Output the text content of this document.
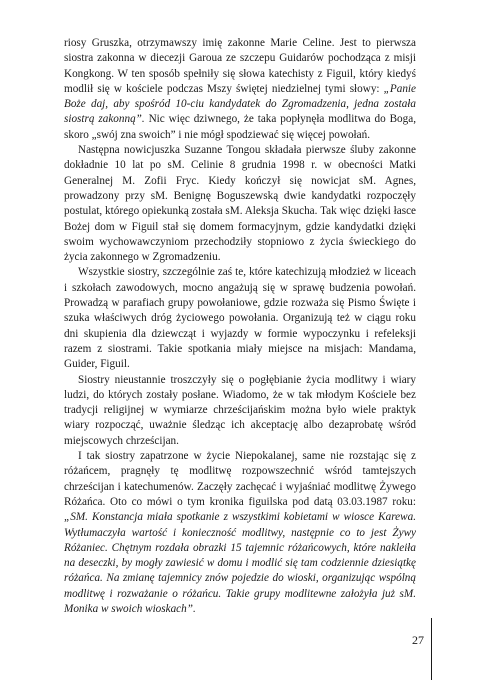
riosy Gruszka, otrzymawszy imię zakonne Marie Celine. Jest to pierwsza siostra zakonna w diecezji Garoua ze szczepu Guidarów pochodząca z misji Kongkong. W ten sposób spełniły się słowa katechisty z Figuil, który kiedyś modlił się w kościele podczas Mszy świętej niedzielnej tymi słowy: „Panie Boże daj, aby spośród 10-ciu kandydatek do Zgromadzenia, jedna została siostrą zakonną”. Nic więc dziwnego, że taka popłynęła modlitwa do Boga, skoro „swój zna swoich” i nie mógł spodziewać się więcej powołań.

Następna nowicjuszka Suzanne Tongou składała pierwsze śluby zakonne dokładnie 10 lat po sM. Celinie 8 grudnia 1998 r. w obecności Matki Generalnej M. Zofii Fryc. Kiedy kończył się nowicjat sM. Agnes, prowadzony przy sM. Benignę Boguszewską dwie kandydatki rozpoczęły postulat, którego opiekunką została sM. Aleksja Skucha. Tak więc dzięki łasce Bożej dom w Figuil stał się domem formacyjnym, gdzie kandydatki dzięki swoim wychowawczyniom przechodziły stopniowo z życia świeckiego do życia zakonnego w Zgromadzeniu.

Wszystkie siostry, szczególnie zaś te, które katechizują młodzież w liceach i szkołach zawodowych, mocno angażują się w sprawę budzenia powołań. Prowadzą w parafiach grupy powołaniowe, gdzie rozważa się Pismo Święte i szuka właściwych dróg życiowego powołania. Organizują też w ciągu roku dni skupienia dla dziewcząt i wyjazdy w formie wypoczynku i refeleksji razem z siostrami. Takie spotkania miały miejsce na misjach: Mandama, Guider, Figuil.

Siostry nieustannie troszczyły się o pogłębianie życia modlitwy i wiary ludzi, do których zostały posłane. Wiadomo, że w tak młodym Kościele bez tradycji religijnej w wymiarze chrześcijańskim można było wiele praktyk wiary rozpocząć, uważnie śledząc ich akceptację albo dezaprobatę wśród miejscowych chrześcijan.

I tak siostry zapatrzone w życie Niepokalanej, same nie rozstając się z różańcem, pragnęły tę modlitwę rozpowszechnić wśród tamtejszych chrześcijan i katechumenów. Zaczęły zachęcać i wyjaśniać modlitwę Żywego Różańca. Oto co mówi o tym kronika figuilska pod datą 03.03.1987 roku: „SM. Konstancja miała spotkanie z wszystkimi kobietami w wiosce Karewa. Wytłumaczyła wartość i konieczność modlitwy, następnie co to jest Żywy Różaniec. Chętnym rozdała obrazki 15 tajemnic różańcowych, które nakleiła na deseczki, by mogły zawiesić w domu i modlić się tam codziennie dziesiątkę różańca. Na zmianę tajemnicy znów pojedzie do wioski, organizując wspólną modlitwę i rozważanie o różańcu. Takie grupy modlitewne założyła już sM. Monika w swoich wioskach”.

27
